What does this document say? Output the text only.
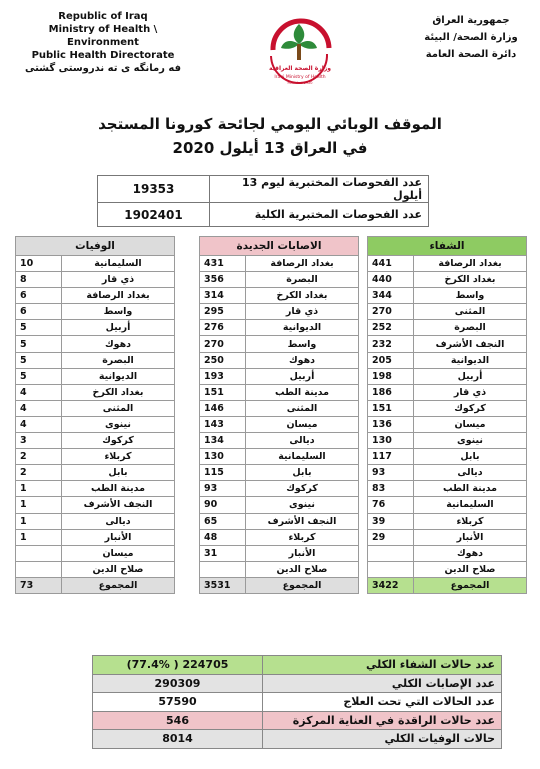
Republic of Iraq
Ministry of Health \ Environment
Public Health Directorate
فه رمانگه ی ته ندروستی گشتی	وزارة الصحة العراقية
Iraqi Ministry of Health
Founded 1920
جمهورية العراق
وزارة الصحة/ البيئة
دائرة الصحة العامة
الموقف الوبائي اليومي لجائحة كورونا المستجد
في العراق 13 أيلول 2020
19353	عدد الفحوصات المختبرية ليوم 13 أيلول
1902401	عدد الفحوصات المختبرية الكلية
الوفيات	
10	السليمانية
8	ذي قار
6	بغداد الرصافة
6	واسط
5	أربيل
5	دهوك
5	البصرة
5	الديوانية
4	بغداد الكرخ
4	المثنى
4	نينوى
3	كركوك
2	كربلاء
2	بابل
1	مدينة الطب
1	النجف الأشرف
1	ديالى
1	الأنبار
	ميسان
	صلاح الدين
73	المجموع
الاصابات الجديدة	
431	بغداد الرصافة
356	البصرة
314	بغداد الكرخ
295	ذي قار
276	الديوانية
270	واسط
250	دهوك
193	أربيل
151	مدينة الطب
146	المثنى
143	ميسان
134	ديالى
130	السليمانية
115	بابل
93	كركوك
90	نينوى
65	النجف الأشرف
48	كربلاء
31	الأنبار
	صلاح الدين
3531	المجموع
الشفاء	
441	بغداد الرصافة
440	بغداد الكرخ
344	واسط
270	المثنى
252	البصرة
232	النجف الأشرف
205	الديوانية
198	أربيل
186	ذي قار
151	كركوك
136	ميسان
130	نينوى
117	بابل
93	ديالى
83	مدينة الطب
76	السليمانية
39	كربلاء
29	الأنبار
	دهوك
	صلاح الدين
3422	المجموع
(77.4% ) 224705	عدد حالات الشفاء الكلي
290309	عدد الإصابات الكلي
57590	عدد الحالات التي تحت العلاج
546	عدد حالات الراقدة في العناية المركزة
8014	حالات الوفيات الكلي
